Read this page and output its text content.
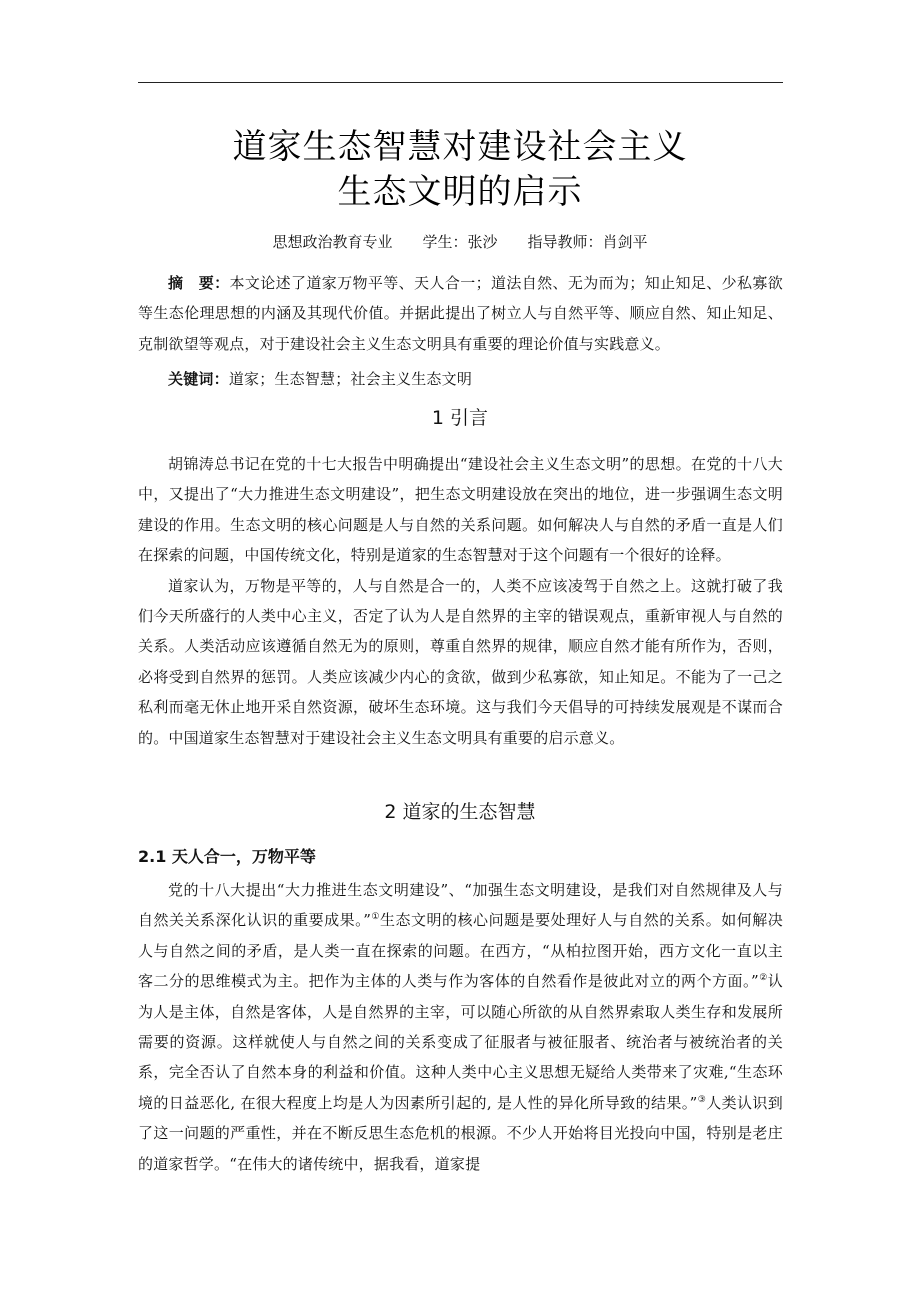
道家生态智慧对建设社会主义
生态文明的启示
思想政治教育专业 学生：张沙 指导教师：肖剑平

摘　要：本文论述了道家万物平等、天人合一；道法自然、无为而为；知止知足、少私寡欲等生态伦理思想的内涵及其现代价值。并据此提出了树立人与自然平等、顺应自然、知止知足、克制欲望等观点，对于建设社会主义生态文明具有重要的理论价值与实践意义。

关键词：道家；生态智慧；社会主义生态文明

1 引言

胡锦涛总书记在党的十七大报告中明确提出“建设社会主义生态文明”的思想。在党的十八大中，又提出了“大力推进生态文明建设”，把生态文明建设放在突出的地位，进一步强调生态文明建设的作用。生态文明的核心问题是人与自然的关系问题。如何解决人与自然的矛盾一直是人们在探索的问题，中国传统文化，特别是道家的生态智慧对于这个问题有一个很好的诠释。

道家认为，万物是平等的，人与自然是合一的，人类不应该凌驾于自然之上。这就打破了我们今天所盛行的人类中心主义，否定了认为人是自然界的主宰的错误观点，重新审视人与自然的关系。人类活动应该遵循自然无为的原则，尊重自然界的规律，顺应自然才能有所作为，否则，必将受到自然界的惩罚。人类应该减少内心的贪欲，做到少私寡欲，知止知足。不能为了一己之私利而毫无休止地开采自然资源，破坏生态环境。这与我们今天倡导的可持续发展观是不谋而合的。中国道家生态智慧对于建设社会主义生态文明具有重要的启示意义。

2 道家的生态智慧
2.1 天人合一，万物平等

党的十八大提出“大力推进生态文明建设”、“加强生态文明建设，是我们对自然规律及人与自然关关系深化认识的重要成果。”①生态文明的核心问题是要处理好人与自然的关系。如何解决人与自然之间的矛盾，是人类一直在探索的问题。在西方，“从柏拉图开始，西方文化一直以主客二分的思维模式为主。把作为主体的人类与作为客体的自然看作是彼此对立的两个方面。”②认为人是主体，自然是客体，人是自然界的主宰，可以随心所欲的从自然界索取人类生存和发展所需要的资源。这样就使人与自然之间的关系变成了征服者与被征服者、统治者与被统治者的关系，完全否认了自然本身的利益和价值。这种人类中心主义思想无疑给人类带来了灾难,“生态环境的日益恶化, 在很大程度上均是人为因素所引起的, 是人性的异化所导致的结果。”③人类认识到了这一问题的严重性，并在不断反思生态危机的根源。不少人开始将目光投向中国，特别是老庄的道家哲学。“在伟大的诸传统中，据我看，道家提
